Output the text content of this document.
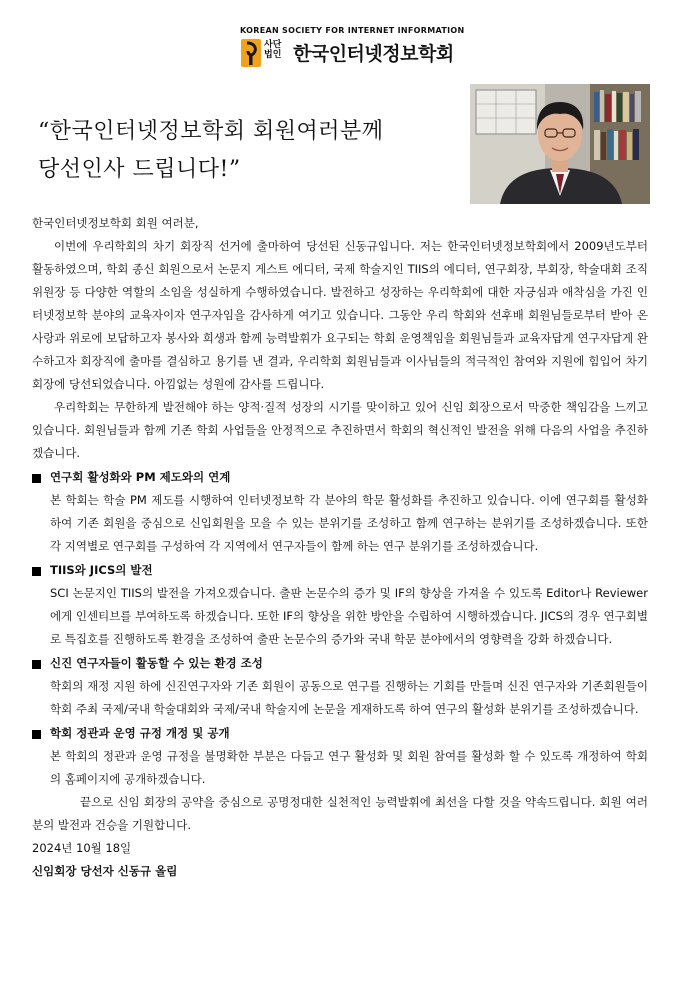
KOREAN SOCIETY FOR INTERNET INFORMATION
사단법인 한국인터넷정보학회
“한국인터넷정보학회 회원여러분께
당선인사 드립니다!”

한국인터넷정보학회 회원 여러분,

이번에 우리학회의 차기 회장직 선거에 출마하여 당선된 신동규입니다. 저는 한국인터넷정보학회에서 2009년도부터 활동하였으며, 학회 종신 회원으로서 논문지 게스트 에디터, 국제 학술지인 TIIS의 에디터, 연구회장, 부회장, 학술대회 조직위원장 등 다양한 역할의 소임을 성실하게 수행하였습니다. 발전하고 성장하는 우리학회에 대한 자긍심과 애착심을 가진 인터넷정보학 분야의 교육자이자 연구자임을 감사하게 여기고 있습니다. 그동안 우리 학회와 선후배 회원님들로부터 받아 온 사랑과 위로에 보답하고자 봉사와 희생과 함께 능력발휘가 요구되는 학회 운영책임을 회원님들과 교육자답게 연구자답게 완수하고자 회장직에 출마를 결심하고 용기를 낸 결과, 우리학회 회원님들과 이사님들의 적극적인 참여와 지원에 힘입어 차기 회장에 당선되었습니다. 아낌없는 성원에 감사를 드립니다.

우리학회는 무한하게 발전해야 하는 양적·질적 성장의 시기를 맞이하고 있어 신임 회장으로서 막중한 책임감을 느끼고 있습니다. 회원님들과 함께 기존 학회 사업들을 안정적으로 추진하면서 학회의 혁신적인 발전을 위해 다음의 사업을 추진하겠습니다.

연구회 활성화와 PM 제도와의 연계

본 학회는 학술 PM 제도를 시행하여 인터넷정보학 각 분야의 학문 활성화를 추진하고 있습니다. 이에 연구회를 활성화 하여 기존 회원을 중심으로 신입회원을 모을 수 있는 분위기를 조성하고 함께 연구하는 분위기를 조성하겠습니다. 또한 각 지역별로 연구회를 구성하여 각 지역에서 연구자들이 함께 하는 연구 분위기를 조성하겠습니다.

TIIS와 JICS의 발전

SCI 논문지인 TIIS의 발전을 가져오겠습니다. 출판 논문수의 증가 및 IF의 향상을 가져올 수 있도록 Editor나 Reviewer에게 인센티브를 부여하도록 하겠습니다. 또한 IF의 향상을 위한 방안을 수립하여 시행하겠습니다. JICS의 경우 연구회별로 특집호를 진행하도록 환경을 조성하여 출판 논문수의 증가와 국내 학문 분야에서의 영향력을 강화 하겠습니다.

신진 연구자들이 활동할 수 있는 환경 조성

학회의 재정 지원 하에 신진연구자와 기존 회원이 공동으로 연구를 진행하는 기회를 만들며 신진 연구자와 기존회원들이 학회 주최 국제/국내 학술대회와 국제/국내 학술지에 논문을 게재하도록 하여 연구의 활성화 분위기를 조성하겠습니다.

학회 정관과 운영 규정 개정 및 공개

본 학회의 정관과 운영 규정을 불명확한 부분은 다듬고 연구 활성화 및 회원 참여를 활성화 할 수 있도록 개정하여 학회의 홈페이지에 공개하겠습니다.

끝으로 신임 회장의 공약을 중심으로 공명정대한 실천적인 능력발휘에 최선을 다할 것을 약속드립니다. 회원 여러분의 발전과 건승을 기원합니다.

2024년 10월 18일

신임회장 당선자 신동규 올림
